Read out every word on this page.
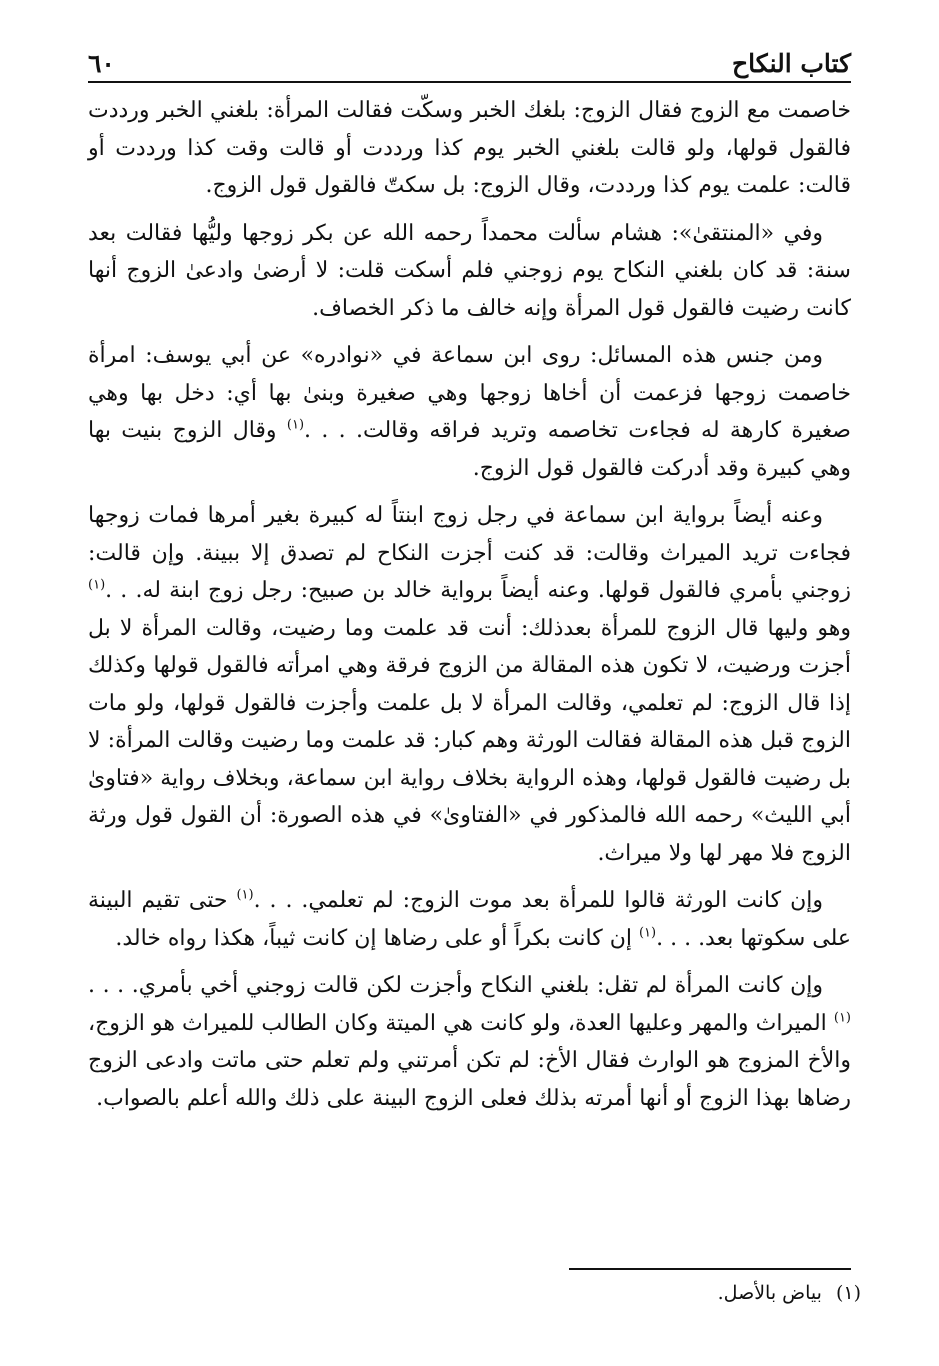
كتاب النكاح
٦٠

خاصمت مع الزوج فقال الزوج: بلغك الخبر وسكّت فقالت المرأة: بلغني الخبر ورددت فالقول قولها، ولو قالت بلغني الخبر يوم كذا ورددت أو قالت وقت كذا ورددت أو قالت: علمت يوم كذا ورددت، وقال الزوج: بل سكتّ فالقول قول الزوج.

وفي «المنتقىٰ»: هشام سألت محمداً رحمه الله عن بكر زوجها وليُّها فقالت بعد سنة: قد كان بلغني النكاح يوم زوجني فلم أسكت قلت: لا أرضىٰ وادعىٰ الزوج أنها كانت رضيت فالقول قول المرأة وإنه خالف ما ذكر الخصاف.

ومن جنس هذه المسائل: روى ابن سماعة في «نوادره» عن أبي يوسف: امرأة خاصمت زوجها فزعمت أن أخاها زوجها وهي صغيرة وبنىٰ بها أي: دخل بها وهي صغيرة كارهة له فجاءت تخاصمه وتريد فراقه وقالت. . . .$^{(١)}$ وقال الزوج بنيت بها وهي كبيرة وقد أدركت فالقول قول الزوج.

وعنه أيضاً برواية ابن سماعة في رجل زوج ابنتاً له كبيرة بغير أمرها فمات زوجها فجاءت تريد الميراث وقالت: قد كنت أجزت النكاح لم تصدق إلا ببينة. وإن قالت: زوجني بأمري فالقول قولها. وعنه أيضاً برواية خالد بن صبيح: رجل زوج ابنة له. . .$^{(١)}$ وهو وليها قال الزوج للمرأة بعدذلك: أنت قد علمت وما رضيت، وقالت المرأة لا بل أجزت ورضيت، لا تكون هذه المقالة من الزوج فرقة وهي امرأته فالقول قولها وكذلك إذا قال الزوج: لم تعلمي، وقالت المرأة لا بل علمت وأجزت فالقول قولها، ولو مات الزوج قبل هذه المقالة فقالت الورثة وهم كبار: قد علمت وما رضيت وقالت المرأة: لا بل رضيت فالقول قولها، وهذه الرواية بخلاف رواية ابن سماعة، وبخلاف رواية «فتاوىٰ أبي الليث» رحمه الله فالمذكور في «الفتاوىٰ» في هذه الصورة: أن القول قول ورثة الزوج فلا مهر لها ولا ميراث.

وإن كانت الورثة قالوا للمرأة بعد موت الزوج: لم تعلمي. . . .$^{(١)}$ حتى تقيم البينة على سكوتها بعد. . . .$^{(١)}$ إن كانت بكراً أو على رضاها إن كانت ثيباً، هكذا رواه خالد.

وإن كانت المرأة لم تقل: بلغني النكاح وأجزت لكن قالت زوجني أخي بأمري. . . .$^{(١)}$ الميراث والمهر وعليها العدة، ولو كانت هي الميتة وكان الطالب للميراث هو الزوج، والأخ المزوج هو الوارث فقال الأخ: لم تكن أمرتني ولم تعلم حتى ماتت وادعى الزوج رضاها بهذا الزوج أو أنها أمرته بذلك فعلى الزوج البينة على ذلك والله أعلم بالصواب.

(١)بياض بالأصل.
